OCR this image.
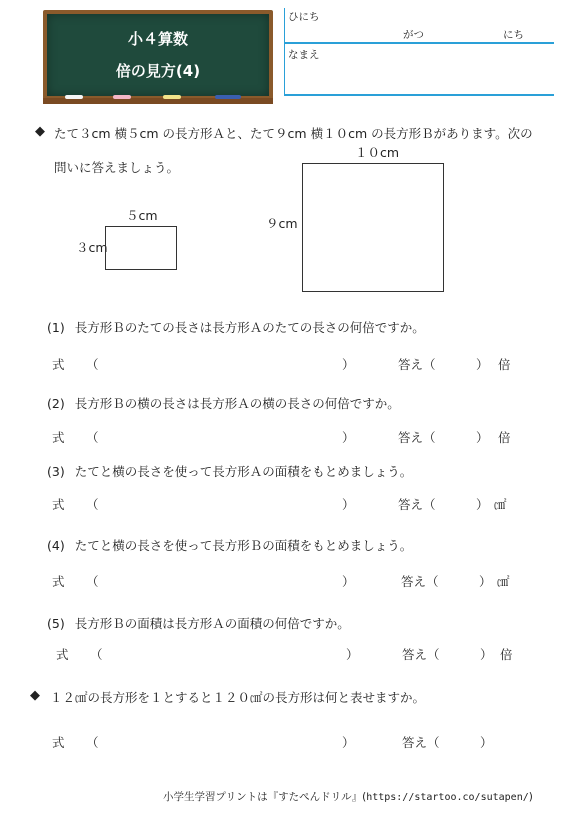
小４算数
倍の見方(4)
ひにち
がつ	にち
なまえ
◆ たて３cm 横５cm の長方形Ａと、たて９cm 横１０cm の長方形Ｂがあります。次の
問いに答えましょう。
５cm
３cm
１０cm
９cm
(1) 長方形Ｂのたての長さは長方形Ａのたての長さの何倍ですか。
式 （	）	答え（	） 倍
(2) 長方形Ｂの横の長さは長方形Ａの横の長さの何倍ですか。
式 （	）	答え（	） 倍
(3) たてと横の長さを使って長方形Ａの面積をもとめましょう。
式 （	）	答え（	） ㎠
(4) たてと横の長さを使って長方形Ｂの面積をもとめましょう。
式 （	）	答え（	） ㎠
(5) 長方形Ｂの面積は長方形Ａの面積の何倍ですか。
式 （	）	答え（	） 倍
◆ １２㎠の長方形を１とすると１２０㎠の長方形は何と表せますか。
式 （	）	答え（	）
小学生学習プリントは『すたぺんドリル』(https://startoo.co/sutapen/)
